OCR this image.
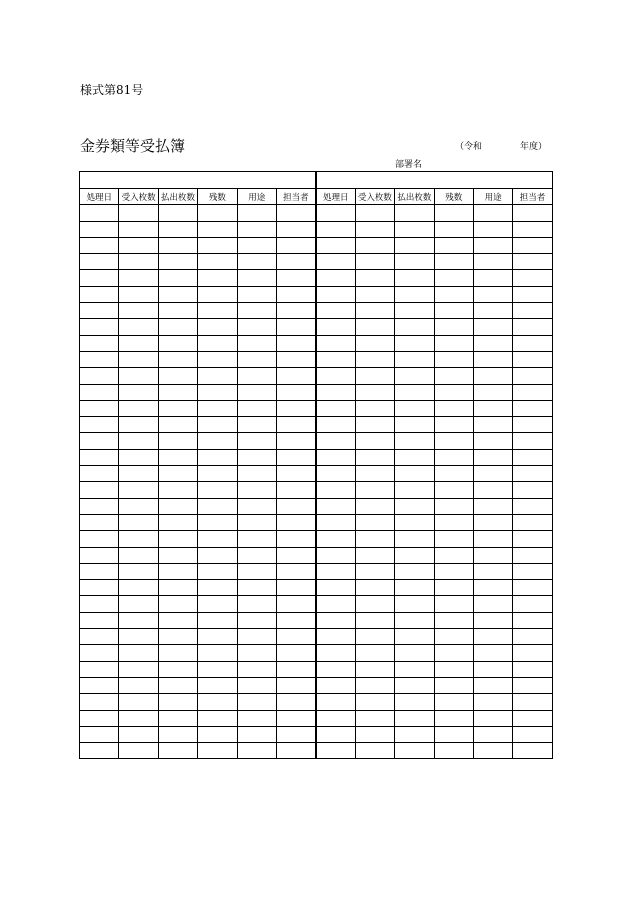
様式第81号
金券類等受払簿	（令和	年度）
部署名

処理日	受入枚数	払出枚数	残数	用途	担当者	処理日	受入枚数	払出枚数	残数	用途	担当者
